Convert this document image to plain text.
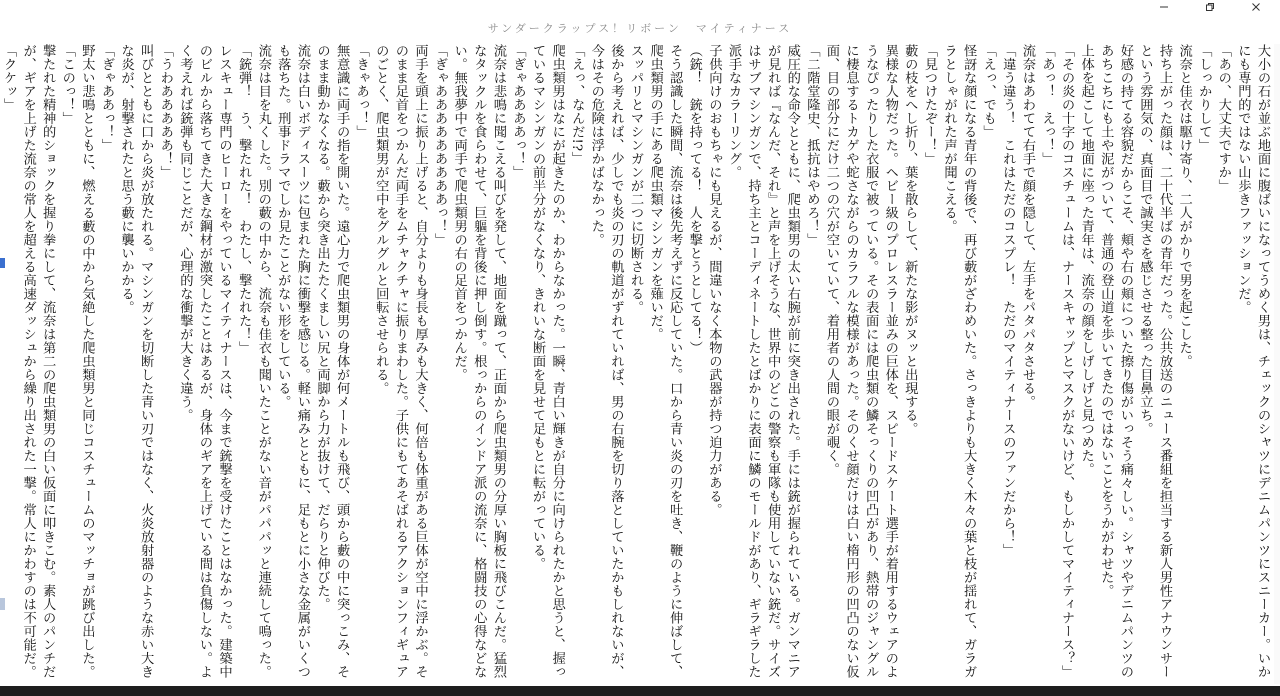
サンダークラップス！リボーン　マイティナース

大小の石が並ぶ地面に腹ばいになってうめく男は、チェックのシャツにデニムパンツにスニーカー。いかにも専門的ではない山歩きファッションだ。

「あの、大丈夫ですか」

「しっかりして」

流奈と佳衣は駆け寄り、二人がかりで男を起こした。

持ち上がった顔は、二十代半ばの青年だった。公共放送のニュース番組を担当する新人男性アナウンサーという雰囲気の、真面目で誠実さを感じさせる整った目鼻立ち。

好感の持てる容貌だからこそ、頬や右の頬についた擦り傷がいっそう痛々しい。シャツやデニムパンツのあちこちにも土や泥がついて、普通の登山道を歩いてきたのではないことをうかがわせた。

上体を起こして地面に座った青年は、流奈の顔をしげしげと見つめた。

「その炎の十字のコスチュームは、ナースキャップとマスクがないけど、もしかしてマイティナース？」

「あっ！　えっ！」

流奈はあわてて右手で顔を隠して、左手をパタパタさせる。

「違う違う！　これはただのコスプレ！　ただのマイティナースのファンだから！」

「えっ、でも」

怪訝な顔になる青年の背後で、再び藪がざわめいた。さっきよりも大きく木々の葉と枝が揺れて、ガラガラとしゃがれた声が聞こえる。

「見つけたぞー！」

藪の枝をへし折り、葉を散らして、新たな影がヌッと出現する。

異様な人物だった。ヘビー級のプロレスラー並みの巨体を、スピードスケート選手が着用するウェアのようなぴったりした衣服で被っている。その表面には爬虫類の鱗そっくりの凹凸があり、熱帯のジャングルに棲息するトカゲや蛇さながらのカラフルな模様があった。そのくせ顔だけは白い楕円形の凹凸のない仮面、目の部分にだけ二つの穴が空いていて、着用者の人間の眼が覗く。

「二階堂隆史、抵抗はやめろ！」

威圧的な命令とともに、爬虫類男の太い右腕が前に突き出された。手には銃が握られている。ガンマニアが見れば『なんだ、それ』と声を上げそうな、世界中のどこの警察も軍隊も使用していない銃だ。サイズはサブマシンガンで、持ち主とコーディネートしたとばかりに表面に鱗のモールドがあり、ギラギラした派手なカラーリング。

子供向けのおもちゃにも見えるが、間違いなく本物の武器が持つ迫力がある。

（銃！　銃を持ってる！　人を撃とうとしてる！）

そう認識した瞬間、流奈は後先考えずに反応していた。口から青い炎の刃を吐き、鞭のように伸ばして、爬虫類男の手にある爬虫類マシンガンを薙いだ。

スッパリとマシンガンが二つに切断される。

後から考えれば、少しでも炎の刃の軌道がずれていれば、男の右腕を切り落としていたかもしれないが、今はその危険は浮かばなかった。

「えっ、なんだ!?」

爬虫類男はなにが起きたのか、わからなかった。一瞬、青白い輝きが自分に向けられたかと思うと、握っているマシンガンの前半分がなくなり、きれいな断面を見せて足もとに転がっている。

「ぎゃああああっ！」

流奈は悲鳴に聞こえる叫びを発して、地面を蹴って、正面から爬虫類男の分厚い胸板に飛びこんだ。猛烈なタックルを食らわせて、巨軀を背後に押し倒す。根っからのインドア派の流奈に、格闘技の心得などない。無我夢中で両手で爬虫類男の右の足首をつかんだ。

「ぎゃあああああああああっ！」

両手を頭上に振り上げると、自分よりも身長も厚みも大きく、何倍も体重がある巨体が空中に浮かぶ。そのまま足首をつかんだ両手をムチャクチャに振りまわした。子供にもてあそばれるアクションフィギュアのごとく、爬虫類男が空中をグルグルと回転させられる。

「きゃあっ！」

無意識に両手の指を開いた。遠心力で爬虫類男の身体が何メートルも飛び、頭から藪の中に突っこみ、そのまま動かなくなる。藪から突き出たたくましい尻と両脚から力が抜けて、だらりと伸びた。

流奈は白いボディスーツに包まれた胸に衝撃を感じる。軽い痛みとともに、足もとに小さな金属がいくつも落ちた。刑事ドラマでしか見たことがない形をしている。

流奈は目を丸くした。別の藪の中から、流奈も佳衣も聞いたことがない音がパパパッと連続して鳴った。

「銃弾！　う、撃たれた！　わたし、撃たれた！」

レスキュー専門のヒーローをやっているマイティナースは、今まで銃撃を受けたことはなかった。建築中のビルから落ちてきた大きな鋼材が激突したことはあるが、身体のギアを上げている間は負傷しない。よく考えれば銃弾も同じことだが、心理的な衝撃が大きく違う。

「うわあああああ！」

叫びとともに口から炎が放たれる。マシンガンを切断した青い刃ではなく、火炎放射器のような赤い大きな炎が、射撃されたと思う藪に襲いかかる。

「ぎゃああっ！」

野太い悲鳴とともに、燃える藪の中から気絶した爬虫類男と同じコスチュームのマッチョが跳び出した。

「このっ！」

撃たれた精神的ショックを握り拳にして、流奈は第二の爬虫類男の白い仮面に叩きこむ。素人のパンチだが、ギアを上げた流奈の常人を超える高速ダッシュから繰り出された一撃。常人にかわすのは不可能だ。

「クケッ」
